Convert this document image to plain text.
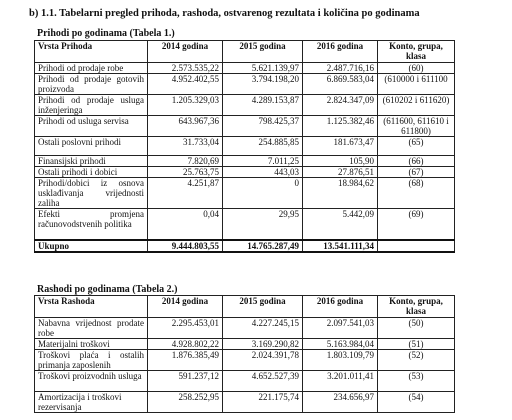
b) 1.1. Tabelarni pregled prihoda, rashoda, ostvarenog rezultata i količina po godinama
Prihodi po godinama (Tabela 1.)
Vrsta Prihoda	2014 godina	2015 godina	2016 godina	Konto, grupa, klasa
Prihodi od prodaje robe	2.573.535,22	5.621.139,97	2.487.716,16	(60)
Prihodi od prodaje gotovih proizvoda	4.952.402,55	3.794.198,20	6.869.583,04	(610000 i 611100
Prihodi od prodaje usluga inženjeringa	1.205.329,03	4.289.153,87	2.824.347,09	(610202 i 611620)
Prihodi od usluga servisa	643.967,36	798.425,37	1.125.382,46	(611600, 611610 i 611800)
Ostali poslovni prihodi	31.733,04	254.885,85	181.673,47	(65)
Finansijski prihodi	7.820,69	7.011,25	105,90	(66)
Ostali prihodi i dobici	25.763,75	443,03	27.876,51	(67)
Prihodi/dobici iz osnova usklađivanja vrijednosti zaliha	4.251,87	0	18.984,62	(68)
Efekti promjena računovodstvenih politika	0,04	29,95	5.442,09	(69)
Ukupno	9.444.803,55	14.765.287,49	13.541.111,34	
Rashodi po godinama (Tabela 2.)
Vrsta Rashoda	2014 godina	2015 godina	2016 godina	Konto, grupa, klasa
Nabavna vrijednost prodate robe	2.295.453,01	4.227.245,15	2.097.541,03	(50)
Materijalni troškovi	4.928.802,22	3.169.290,82	5.163.984,04	(51)
Troškovi plaća i ostalih primanja zaposlenih	1.876.385,49	2.024.391,78	1.803.109,79	(52)
Troškovi proizvodnih usluga	591.237,12	4.652.527,39	3.201.011,41	(53)
Amortizacija i troškovi rezervisanja	258.252,95	221.175,74	234.656,97	(54)
